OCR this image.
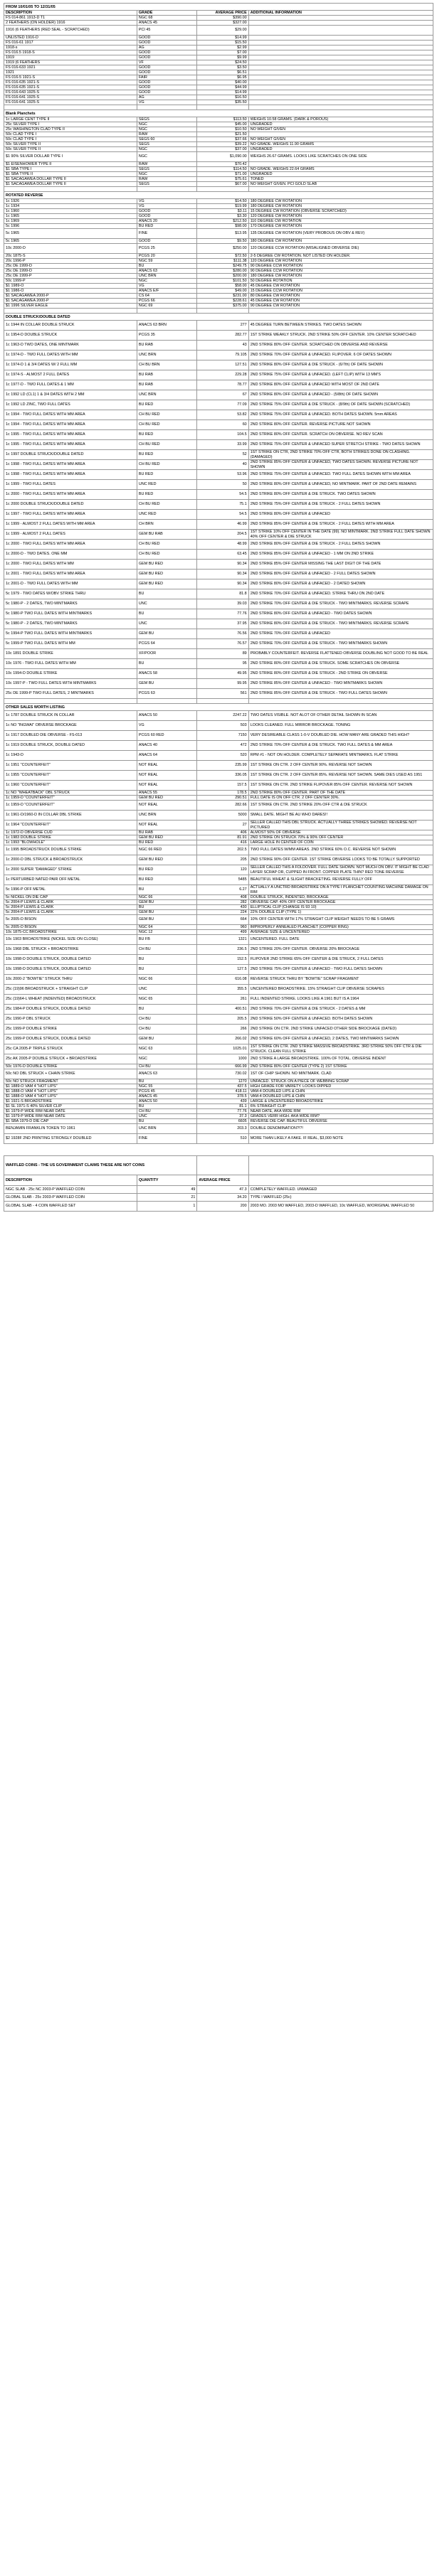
FROM 10/01/05 TO 12/31/05			
DESCRIPTION	GRADE	AVERAGE PRICE	ADDITIONAL INFORMATION
FS 014-861 1913-D T1	NGC 68	$390.00	
2 FEATHERS (ON HOLDER) 1916	ANACS 45	$327.00	
1916 (6 FEATHERS (RED SEAL - SCRATCHED)	PCI 45	$29.00	
UNLISTED 1916-D	GOOD	$14.99	
FS 016-61 1917	GOOD	$15.50	
1918-s	AG	$2.99	
FS 016.5 1918-S	GOOD	$7.00	
1919	GOOD	$9.99	
1919 (6 FEATHERS	VF	$24.50	
FS 016-633 1921	GOOD	$3.50	
1921	GOOD	$6.51	
FS 016-5 1921-S	FAIR	$6.95	
FS 016-635 1921-S	GOOD	$40.00	
FS 016-635 1921-S	GOOD	$44.99	
FS 016-643 1925-S	GOOD	$14.99	
FS 016-641 1925-S	AG	$16.50	
FS 016-641 1925-S	VG	$35.50	

Blank Planchets			
1c LARGE CENT TYPE II	SEGS	$113.50	WEIGHS 10.58 GRAMS. (DARK & POROUS)
25c SILVER TYPE I	NGC	$45.00	UNGRADED
25c WASHINGTON CLAD TYPE II	NGC	$10.50	NO WEIGHT GIVEN
50c CLAD TYPE I	RAW	$21.50	
50c CLAD TYPE I	SEGS 60	$37.66	NO WEIGHT GIVEN
50c SILVER TYPE II	SEGS	$39.22	NO GRADE. WEIGHS 11.90 GRAMS
50c SILVER TYPE II	NGC	$37.00	UNGRADED
$1 90% SILVER DOLLAR TYPE I	NGC	$1,090.00	WEIGHS 26.67 GRAMS. LOOKS LIKE SCRATCHES ON ONE SIDE
$1 EISENHOWER TYPE II	RAW	$70.42	
$1 SBA TYPE I	SEGS	$114.50	NO GRADE. WEIGHS 22.64 GRAMS
$1 SBA TYPE II	NGC	$71.00	UNGRADED
$1 SACAGAWEA DOLLAR TYPE II	RAW	$75.61	TONED
$1 SACAGAWEA DOLLAR TYPE II	SEGS	$67.00	NO WEIGHT GIVEN. PCI GOLD SLAB

ROTATED REVERSE			
1c 1926	VG	$14.50	180 DEGREE CW ROTATION
1c 1934	VG	$19.99	180 DEGREE CW ROTATION
1c 1960	GOOD	$3.11	15 DEGREE CW ROTATION (OBVERSE SCRATCHED)
1c 1965	GOOD	$3.30	120 DEGREE CW ROTATION
1c 1969	ANACS 20	$212.50	110 DEGREE CW ROTATION
5c 1996	BU RED	$98.00	170 DEGREE CW ROTATION
5c 1965	FINE	$13.95	135 DEGREE CW ROTATION (VERY PROBOUS ON OBV & REV)
5c 1965	GOOD	$9.50	180 DEGREE CW ROTATION
10c 2000-D	PCGS 25	$250.00	120 DEGREE CCW ROTATION (MISALIGNED OBVERSE DIE)
20c 1875-S	PCGS 20	$72.50	2-5 DEGREE CW ROTATION. NOT LISTED ON HOLDER.
20c 1996-P	NGC 59	$111.38	120 DEGREE CW ROTATION
25c DE 1999-D	BU	$249.75	90 DEGREE CCW ROTATION
25c DE 1999-D	ANACS 63	$280.00	90 DEGREE CCW ROTATION
25c DE 1999-P	UNC BRN	$200.00	180 DEGREE CW ROTATION
50c 1999-P	NGC	$101.50	50 DEGREE ROTATION
$1 1989-O	VG	$58.00	45 DEGREE CW ROTATION
$1 1986-O	ANACS E/F	$49.00	15 DEGREE CCW ROTATION
$1 SACAGAWEA 2000-P	CS 64	$231.00	80 DEGREE CW ROTATION
$1 SACAGAWEA 2000-P	PCGS 66	$228.61	45 DEGREE CW ROTATION
$1 1996 SILVER EAGLE	NGC 69	$375.00	90 DEGREE CW ROTATION

DOUBLE STRUCK/DOUBLE DATED			
1c 1944 IN COLLAR DOUBLE STRUCK	ANACS 63 BRN	277	45 DEGREE TURN BETWEEN STRIKES. TWO DATES SHOWN
1c 1954-D DOUBLE STRUCK	PCGS 35	282.77	1ST STRIKE WEAKLY STRUCK. 2ND STRIKE 50% OFF CENTER. 10% CENTER SCRATCHED
1c 1963-D TWO DATES, ONE MINTMARK	BU RAB	43	2ND STRIKE 80% OFF CENTER. SCRATCHED ON OBVERSE AND REVERSE
1c 1974-D - TWO FULL DATES WITH MM	UNC BRN	79.105	2ND STRIKE 70% OFF CENTER & UNFACED. FLIPOVER. 6 OF DATES SHOWN
1c 1974-D 1 & 3/4 DATES W/ 2 FULL MM	CH BU BRN	127.51	2ND STRIKE 80% OFF CENTER & DIE STRUCK - (6/7th) OF DATE SHOWN
1c 1974-S - ALMOST 2 FULL DATES	BU RAB	229.28	2ND STRIKE 75% OFF CENTER & UNFACED. (LEFT CLIP) WITH 13 MM'S
1c 1977-D - TWO FULL DATES & 1 MM	BU RAB	78.77	2ND STRIKE 80% OFF CENTER & UNFACED WITH MOST OF 2ND DATE
1c 1992 LD (CL1) 1 & 3/4 DATES WITH 2 MM	UNC BRN	67	2ND STRIKE 80% OFF CENTER & UNFACED - (5/8th) OF DATE SHOWN
1c 1992 LD ZINC, TWO FULL DATES	BU RED	77.09	2ND STRIKE 75% OFF CENTER & DIE STRUCK - (8/9th) OF DATE SHOWN (SCRATCHED)
1c 1994 - TWO FULL DATES WITH MM AREA	CH BU RED	53.82	2ND STRIKE 75% OFF CENTER & UNFACED. BOTH DATES SHOWN. 5mm AREAS
1c 1994 - TWO FULL DATES WITH MM AREA	CH BU RED	60	2ND STRIKE 80% OFF CENTER. REVERSE PICTURE NOT SHOWN
1c 1995 - TWO FULL DATES WITH MM AREA	BU RED	104.5	2ND STRIKE 80% OFF CENTER. SCRATCH ON OBVERSE. NO REV SCAN
1c 1995 - TWO FULL DATES WITH MM AREA	CH BU RED	33.99	2ND STRIKE 75% OFF CENTER & UNFACED SUPER STRETCH STRIKE - TWO DATES SHOWN
1c 1997 DOUBLE STRUCK/DOUBLE DATED	BU RED	52	1ST STRIKE ON CTR, 2ND STRIKE 70% OFF CTR, BOTH STRIKES DONE ON CLASHING. (DAMAGED)
1c 1998 - TWO FULL DATES WITH MM AREA	CH BU RED	40	2ND STRIKE 85% OFF CENTER & UNFACED, TWO DATES SHOWN. REVERSE PICTURE NOT SHOWN
1c 1998 - TWO FULL DATES WITH MM AREA	BU RED	53.96	2ND STRIKE 75% OFF CENTER & UNFACED. TWO FULL DATES SHOWN WITH MM AREA
1c 1999 - TWO FULL DATES	UNC RED	50	2ND STRIKE 80% OFF CENTER & UNFACED, NO MINTMARK. PART OF 2ND DATE REMAINS
1c 2000 - TWO FULL DATES WITH MM AREA	BU RED	54.5	2ND STRIKE 80% OFF CENTER & DIE STRUCK. TWO DATES SHOWN
1c 2000 DOUBLE STRUCK/DOUBLE DATED	CH BU RED	75.1	2ND STRIKE 75% OFF CENTER & DIE STRUCK - 2 FULL DATES SHOWN
1c 1997 - TWO FULL DATES WITH MM AREA	UNC RED	54.5	2ND STRIKE 80% OFF CENTER & UNFACED
1c 1999 - ALMOST 2 FULL DATES WITH MM AREA	CH BRN	46.99	2ND STRIKE 85% OFF CENTER & DIE STRUCK - 2 FULL DATES WITH MM AREA
1c 1999 - ALMOST 2 FULL DATES	GEM BU RAB	204.5	1ST STRIKE 10% OFF CENTER IN THE DATE (99). NO MINTMARK. 2ND STRIKE FULL DATE SHOWN 40% OFF CENTER & DIE STRUCK
1c 2000 - TWO FULL DATES WITH MM AREA	CH BU RED	48.99	2ND STRIKE 80% OFF CENTER & DIE STRUCK - 2 FULL DATES SHOWN
1c 2000-D - TWO DATES. ONE MM	CH BU RED	63.45	2ND STRIKE 85% OFF CENTER & UNFACED - 1 MM ON 2ND STRIKE
1c 2000 - TWO FULL DATES WITH MM	GEM BU RED	90.34	2ND STRIKE 85% OFF CENTER MISSING THE LAST DIGIT OF THE DATE
1c 2001 - TWO FULL DATES WITH MM AREA	GEM BU RED	90.34	2ND STRIKE 80% OFF CENTER & UNFACED - 2 FULL DATES SHOWN
1c 2001-D - TWO FULL DATES WITH MM	GEM BU RED	90.34	2ND STRIKE 80% OFF CENTER & UNFACED - 2 DATED SHOWN
5c 1979 - TWO DATES W/OBV STRIKE THRU	BU	81.8	2ND STRIKE 70% OFF CENTER & UNFACED. STRIKE THRU ON 2ND DATE
5c 1980-P - 2 DATES, TWO MINTMARKS	UNC	39.03	2ND STRIKE 70% OFF CENTER & DIE STRUCK - TWO MINTMARKS. REVERSE SCRAPE
5c 1980-P TWO FULL DATES WITH MINTMARKS	BU	77.76	2ND STRIKE 80% OFF CENTER & UNFACED - TWO DATES SHOWN
5c 1980-P - 2 DATES, TWO MINTMARKS	UNC	37.95	2ND STRIKE 80% OFF CENTER & DIE STRUCK - TWO MINTMARKS. REVERSE SCRAPE
5c 1994-P TWO FULL DATES WITH MINTMARKS	GEM BU	76.56	2ND STRIKE 70% OFF CENTER & UNFACED
5c 1999-P TWO FULL DATES WITH MM	PCGS 64	76.57	2ND STRIKE 70% OFF CENTER & DIE STRUCK - TWO MINTMARKS SHOWN
10c 1891 DOUBLE STRIKE	XF/POOR	89	PROBABLY COUNTERFEIT. REVERSE FLATTENED OBVERSE DOUBLING NOT GOOD TO BE REAL
10c 1976 - TWO FULL DATES WITH MM	BU	95	2ND STRIKE 80% OFF CENTER & DIE STRUCK. SOME SCRATCHES ON OBVERSE
10c 1994-D DOUBLE STRIKE	ANACS 58	49.95	2ND STRIKE 80% OFF CENTER & DIE STRUCK - 2ND STRIKE ON OBVERSE
10c 1997-P - TWO FULL DATES WITH MINTMARKS	GEM BU	99.95	2ND STRIKE 85% OFF CENTER & UNFACED - TWO MINTMARKS SHOWN
25c DE 1999-P TWO FULL DATES, 2 MINTMARKS	PCGS 63	561	2ND STRIKE 85% OFF CENTER & DIE STRUCK - TWO FULL DATES SHOWN

OTHER SALES WORTH LISTING			
1c 1787 DOUBLE STRUCK IN COLLAR	ANACS 50	2247.22	TWO DATES VISIBLE. NOT ALOT OF OTHER DETAIL SHOWN IN SCAN
1c NO "INGWAI" OBVERSE BROCKAGE	VG	503	LOOKS CLEANED. FULL MIRROR BROCKAGE. TONING
1c 1917 DOUBLED DIE OBVERSE - FS-013	PCGS 60 RED	7150	VERY DESIREABLE CLASS 1-0-V DOUBLED DIE. HOW MANY ARE GRADED THIS HIGH?
1c 1919 DOUBLE STRUCK, DOUBLE DATED	ANACS 40	472	2ND STRIKE 70% OFF CENTER & DIE STRUCK. TWO FULL DATES & MM AREA
1c 1943-D	ANACS 64	520	RPM #1 - NOT ON HOLDER. COMPLETELY SEPARATE MINTMARKS. FLAT STRIKE
1c 1951 "COUNTERFEIT"	NOT REAL	235.99	1ST STRIKE ON CTR. 2 OFF CENTER 90%. REVERSE NOT SHOWN
1c 1955 "COUNTERFEIT"	NOT REAL	336.05	1ST STRIKE ON CTR. 2 OFF CENTER 85%. REVERSE NOT SHOWN. SAME DIES USED AS 1951
1c 1960 "COUNTERFEIT"	NOT REAL	157.5	1ST STRIKE ON CTR. 2ND STRIKE FLIPOVER 85% OFF CENTER. REVERSE NOT SHOWN
1c NO "WHEATBACK" OBL STRUCK	ANACS 55	178.5	2ND STRIKE 80% OFF CENTER. PART OF THE DATE
1c 1959-D "COUNTERFEIT"	GEM BU RED	290.51	FULL DATE IS ON OFF CTR. 2 OFF CENTER 30%.
1c 1959-D "COUNTERFEIT"	NOT REAL	282.66	1ST STRIKE ON CTR. 2ND STRIKE 20% OFF CTR & DIE STRUCK
1c 1961-D/1960-D IN COLLAR DBL STRIKE	UNC BRN	5000	SMALL DATE. MIGHT BE AU WHO DARES!!
1c 1964 "COUNTERFEIT"	NOT REAL	27	SELLER CALLED THIS DBL STRUCK. ACTUALLY THREE STRIKES SHOWED. REVERSE NOT PICTURED
1c 1972-D OBVERSE CUD	BU RAB	406	ALMOST 50% OF OBVERSE
1c 1983 DOUBLE STRIKE	GEM BU RED	81.91	2ND STRIKE ON STRUCK 70% & 90% OFF CENTER
1c 1993 "BLOWHOLE"	BU RED	416	LARGE HOLE IN CENTER OF COIN
1c 1995 BROADSTRUCK DOUBLE STRIKE	NGC 66 RED	202.5	TWO FULL DATES W/MM AREAS. 2ND STRIKE 60% O.C. REVERSE NOT SHOWN
1c 2000-D DBL STRUCK & BROADSTRUCK	GEM BU RED	205	2ND STRIKE 90% OFF CENTER. 1ST STRIKE OBVERSE LOOKS TO BE TOTALLY SUPPORTED
1c 2000 SUPER "DAMAGED" STRIKE	BU RED	120	SELLER CALLED THIS A FOLDOVER. FULL DATE SHOWN. NOT MUCH ON OBV. IT MIGHT BE CLAD LAYER SCRAP OR, CUPPED IN FRONT. COPPER PLATE THIN? RED TONE REVERSE
1c PERTURBED NATED PAIR OFF METAL	BU RED	5485	BEAUTIFUL WHEAT & SLIGHT BRACKETING. REVERSE FULLY OFF
5c 1996-P OFF METAL	BU	6.27	ACTUALLY A UNCTRD BROADSTRIKE ON A TYPE I PLANCHET COUNTING MACHINE DAMAGE ON RIM
5c NICKEL ON DIE CAP	NGC 66	408	DOUBLE STRUCK, INDENTED, BROCKAGE
5c 2004-P LEWIS & CLARK	GEM BU	282	OBVERSE CAP. 40% OFF CENTER BROCKAGE
5c 2004-P LEWIS & CLARK	BU	430	ELLIPTICAL CLIP (CHANGE IS 93 10)
5c 2004-P LEWIS & CLARK	GEM BU	224	22% DOUBLE CLIP (TYPE 1)
5c 2005-D BISON	GEM BU	664	10% OFF CENTER WITH 17% STRAIGHT CLIP WEIGHT NEEDS TO BE 5 GRAMS
5c 2005-D BISON	NGC 64	960	IMPROPERLY ANNEALED PLANCHET (COPPER RING)
10c 1875-CC BROADSTRIKE	NGC 12	499	AVERAGE SIZE & UNCENTERED
10c 1903 BROADSTRIKE (NICKEL SIZE ON CLOSE)	BU FB	1321	UNCENTERED. FULL DATE
10c 1968 DBL STRUCK + BROADSTRIKE	CH BU	236.5	2ND STRIKE 20% OFF CENTER. OBVERSE 20% BROCKAGE
10c 1998-D DOUBLE STRUCK, DOUBLE DATED	BU	152.5	FLIPOVER 2ND STRIKE 65% OFF CENTER & DIE STRUCK, 2 FULL DATES
10c 1998-D DOUBLE STRUCK, DOUBLE DATED	BU	127.5	2ND STRIKE 75% OFF CENTER & UNFACED - TWO FULL DATES SHOWN
10c 2000-2 "BOWTIE" STRUCK THRU	NGC 66	616.08	REVERSE STRUCK THRU BY "BOWTIE" SCRAP FRAGMENT
25c (19)96 BROADSTRUCK + STRAIGHT CLIP	UNC	355.5	UNCENTERED BROADSTRIKE. 15% STRAIGHT CLIP OBVERSE SCRAPES
25c (19)64-L WHEAT (INDENTED) BROADSTRUCK	NGC 65	261	FULL INDENTED STRIKE. LOOKS LIKE A 1961 BUT IS A 1964
25c 1984-P DOUBLE STRUCK, DOUBLE DATED	BU	400.51	2ND STRIKE 70% OFF CENTER & DIE STRUCK - 2 DATES & MM
25c 1990-P DBL STRUCK	CH BU	205.5	2ND STRIKE 50% OFF CENTER & UNFACED. BOTH DATES SHOWN
25c 1999-P DOUBLE STRIKE	CH BU	266	2ND STRIKE ON CTR. 2ND STRIKE UNFACED OTHER SIDE BROCKAGE (DATED)
25c 1999-P DOUBLE STRUCK, DOUBLE DATED	GEM BU	266.02	2ND STRIKE 60% OFF CENTER & UNFACED, 2 DATES, TWO MINTMARKS SHOWN
25c CA 2005-P TRIPLE STRUCK	NGC 63	1025.01	1ST STRIKE ON CTR. 2ND STRIKE MASSIVE BROADSTRIKE. 3RD STRIKE 50% OFF CTR & DIE STRUCK. CLEAN FULL STRIKE
25c AK 2005-P DOUBLE STRUCK + BROADSTRIKE	NGC	1000	2ND STRIKE A LARGE BROADSTRIKE. 100% OF TOTAL. OBVERSE INDENT
50c 1976-D DOUBLE STRIKE	CH BU	666.99	2ND STRIKE 80% OFF CENTER (TYPE 2) 1ST STRIKE
50c NO DBL STRUCK + CHAIN STRIKE	ANACS 63	730.02	1ST OF CHIP SHOWN. NO MINTMARK. CLAD
50c NO STRUCK FRAGMENT	BU	1270	UNFACED. STRUCK ON A PIECE OF WEBBING SCRAP
$1 1889-O VAM 4 "HOT LIPS"	NGC 55	437.5	HIGH GRADE FOR VARIETY. LOOKS DIPPED
$1 1888-O VAM 4 "HOT LIPS"	PCGS 45	418.11	VAM-4 DOUBLED LIPS & CHIN
$1 1888-O VAM 4 "HOT LIPS"	ANACS 45	378.5	VAM-4 DOUBLED LIPS & CHIN
$1 1921-S BROADSTRIKE	ANACS 50	439	LARGE & UNCENTERED BROADSTRIKE
$1 SL 1971-S 40% SILVER CLIP	BU	81.1	6% STRAIGHT CLIP
$1 1979-P WIDE RIM NEAR DATE	CH BU	77.76	NEAR DATE, AKA WIDE RIM
$1 1979-P WIDE RIM NEAR DATE	UNC	37.3	GRADES VERR HIGH. AKA WIDE RIM?
$1 SBA 1979-D DIE CAP	BU	6605	REVERSE DIE CAP. BEAUTIFUL OBVERSE
BENJAMIN FRANKLIN TOKEN TO 1961	UNC BRN	203.3	DOUBLE DENOMINATION?!?!
$2 1928F 2ND PRINTING STRONGLY DOUBLED	FINE	510	MORE THAN LIKELY A FAKE. IF REAL, $3,000 NOTE
WAFFLED COINS - THE US GOVERNMENT CLAIMS THESE ARE NOT COINS			
DESCRIPTION	QUANTITY	AVERAGE PRICE	
NGC SLAB - 25c NC 2003-P WAFFLED COIN	49	47.3	COMPLETELY WAFFLED. UNWAGED
GLOBAL SLAB - 25c 2003-P WAFFLED COIN	21	34.20	TYPE I WAFFLED (25c)
GLOBAL SLAB - 4 COIN WAFFLED SET	1	200	2003 MO. 2003 MO WAFFLED, 2003-D WAFFLED, 10c WAFFLED, W/ORIGINAL WAFFLED 50
